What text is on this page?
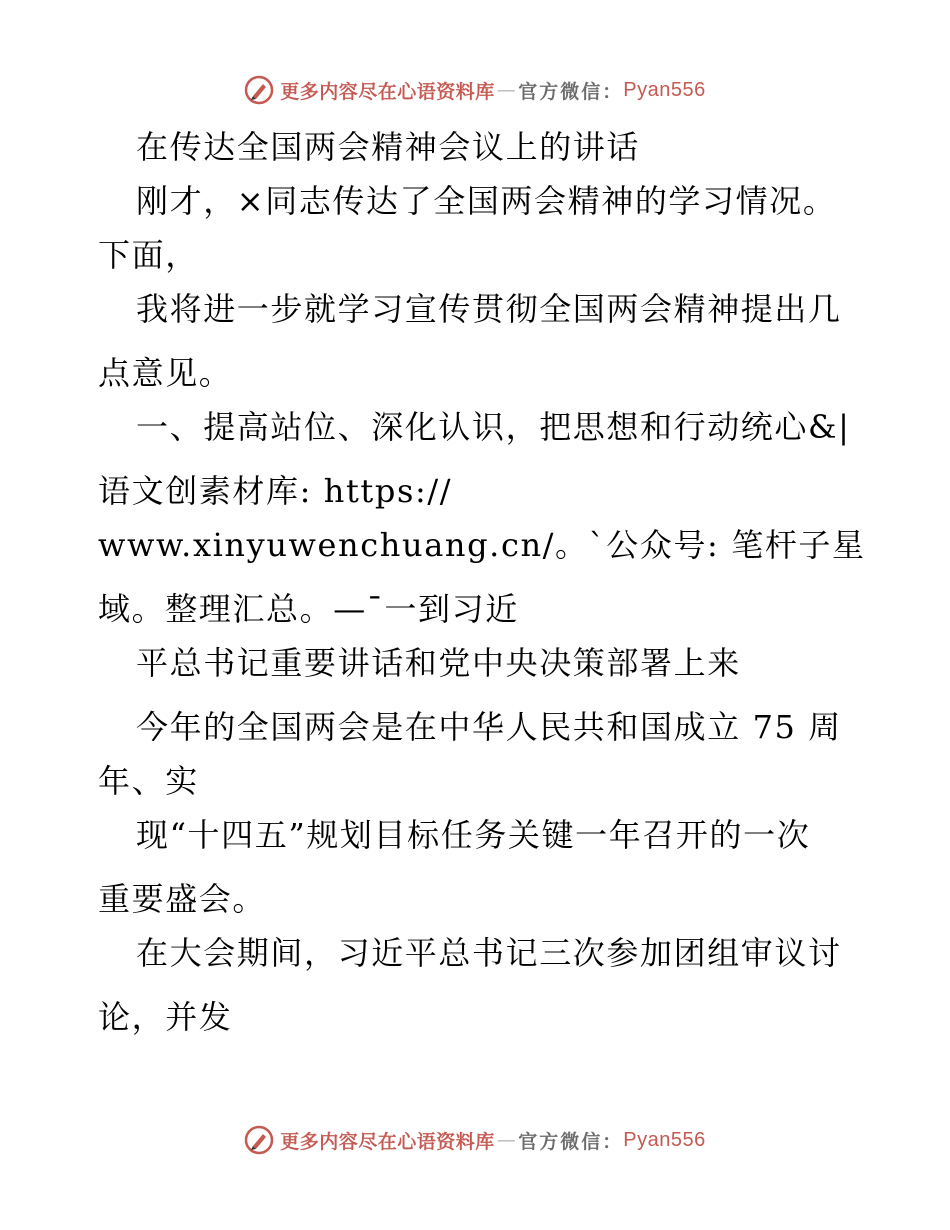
更多内容尽在心语资料库 — 官方微信： Pyan556
在传达全国两会精神会议上的讲话
刚才，×同志传达了全国两会精神的学习情况。
下面，
我将进一步就学习宣传贯彻全国两会精神提出几
点意见。
一、提高站位、深化认识，把思想和行动统心&|
语文创素材库: https://
www.xinyuwenchuang.cn/。`公众号: 笔杆子星
域。整理汇总。—¯一到习近
平总书记重要讲话和党中央决策部署上来
今年的全国两会是在中华人民共和国成立 75 周
年、实
现“十四五”规划目标任务关键一年召开的一次
重要盛会。
在大会期间，习近平总书记三次参加团组审议讨
论，并发
更多内容尽在心语资料库 — 官方微信： Pyan556
